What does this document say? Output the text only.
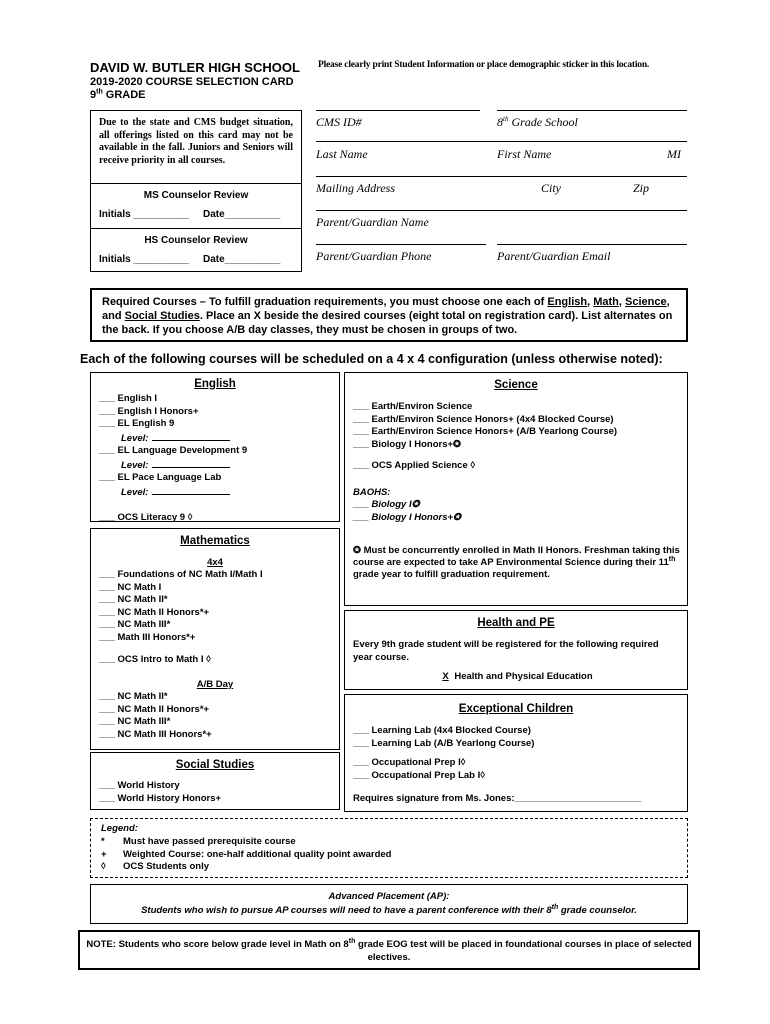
DAVID W. BUTLER HIGH SCHOOL
2019-2020 COURSE SELECTION CARD
9th GRADE
Please clearly print Student Information or place demographic sticker in this location.
Due to the state and CMS budget situation, all offerings listed on this card may not be available in the fall. Juniors and Seniors will receive priority in all courses.
MS Counselor Review
Initials __________ Date__________
HS Counselor Review
Initials __________ Date__________
CMS ID#	8th Grade School
Last Name	First Name	MI
Mailing Address	City	Zip
Parent/Guardian Name
Parent/Guardian Phone	Parent/Guardian Email
Required Courses – To fulfill graduation requirements, you must choose one each of English, Math, Science, and Social Studies. Place an X beside the desired courses (eight total on registration card). List alternates on the back. If you choose A/B day classes, they must be chosen in groups of two.
Each of the following courses will be scheduled on a 4 x 4 configuration (unless otherwise noted):
English
___ English I
___ English I Honors+
___ EL English 9
Level:
___ EL Language Development 9
Level:
___ EL Pace Language Lab
Level:
___ OCS Literacy 9 ◊
Mathematics
4x4
___ Foundations of NC Math I/Math I
___ NC Math I
___ NC Math II*
___ NC Math II Honors*+
___ NC Math III*
___ Math III Honors*+
___ OCS Intro to Math I ◊
A/B Day
___ NC Math II*
___ NC Math II Honors*+
___ NC Math III*
___ NC Math III Honors*+
Social Studies
___ World History
___ World History Honors+
Science
___ Earth/Environ Science
___ Earth/Environ Science Honors+ (4x4 Blocked Course)
___ Earth/Environ Science Honors+ (A/B Yearlong Course)
___ Biology I Honors+✪
___ OCS Applied Science ◊
BAOHS:
___ Biology I✪
___ Biology I Honors+✪
✪ Must be concurrently enrolled in Math II Honors. Freshman taking this course are expected to take AP Environmental Science during their 11th grade year to fulfill graduation requirement.
Health and PE
Every 9th grade student will be registered for the following required year course.
X Health and Physical Education
Exceptional Children
___ Learning Lab (4x4 Blocked Course)
___ Learning Lab (A/B Yearlong Course)
___ Occupational Prep I◊
___ Occupational Prep Lab I◊
Requires signature from Ms. Jones:________________________
Legend:
* Must have passed prerequisite course
+ Weighted Course: one-half additional quality point awarded
◊ OCS Students only
Advanced Placement (AP):
Students who wish to pursue AP courses will need to have a parent conference with their 8th grade counselor.
NOTE: Students who score below grade level in Math on 8th grade EOG test will be placed in foundational courses in place of selected electives.
